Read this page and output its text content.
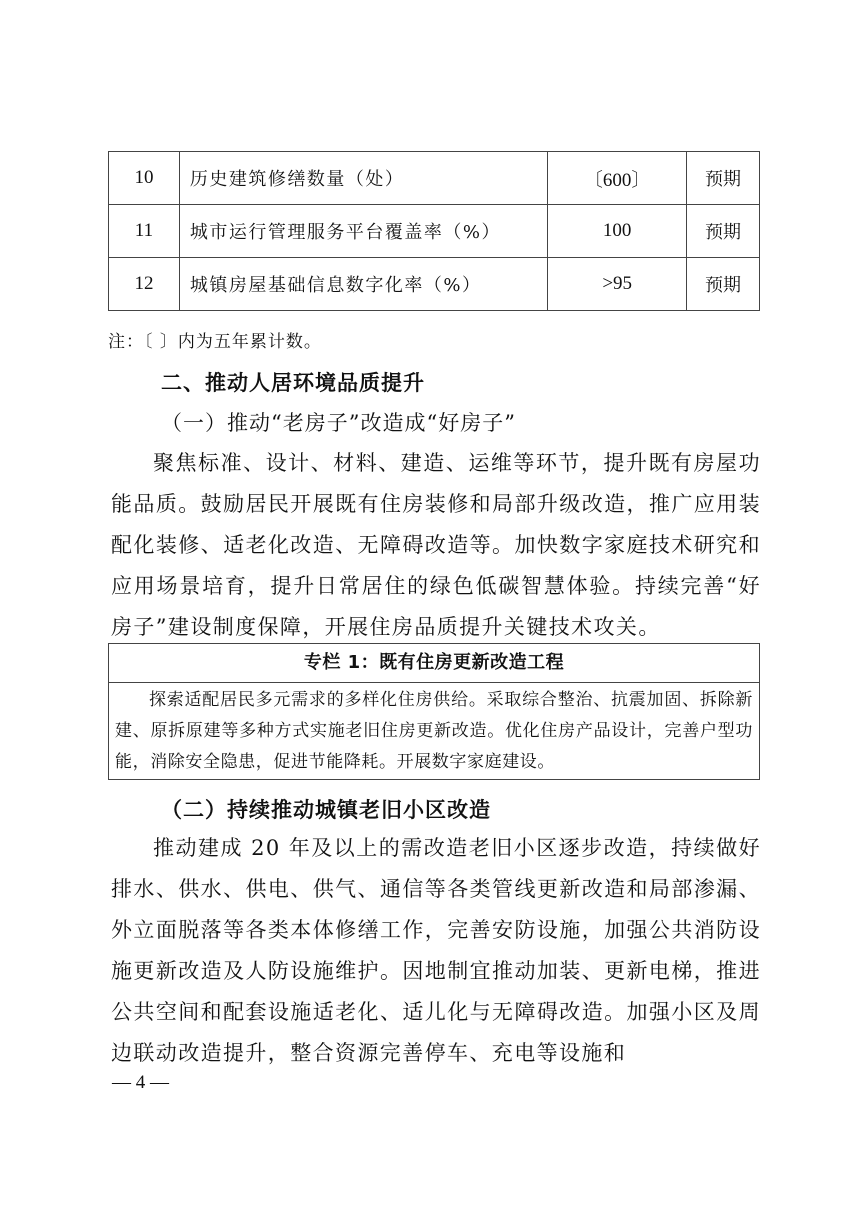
10	历史建筑修缮数量（处）	〔600〕	预期
11	城市运行管理服务平台覆盖率（%）	100	预期
12	城镇房屋基础信息数字化率（%）	>95	预期
注：〔 〕内为五年累计数。
二、推动人居环境品质提升
（一）推动“老房子”改造成“好房子”
聚焦标准、设计、材料、建造、运维等环节，提升既有房屋功能品质。鼓励居民开展既有住房装修和局部升级改造，推广应用装配化装修、适老化改造、无障碍改造等。加快数字家庭技术研究和应用场景培育，提升日常居住的绿色低碳智慧体验。持续完善“好房子”建设制度保障，开展住房品质提升关键技术攻关。
专栏 1：既有住房更新改造工程
探索适配居民多元需求的多样化住房供给。采取综合整治、抗震加固、拆除新建、原拆原建等多种方式实施老旧住房更新改造。优化住房产品设计，完善户型功能，消除安全隐患，促进节能降耗。开展数字家庭建设。
（二）持续推动城镇老旧小区改造
推动建成 20 年及以上的需改造老旧小区逐步改造，持续做好排水、供水、供电、供气、通信等各类管线更新改造和局部渗漏、外立面脱落等各类本体修缮工作，完善安防设施，加强公共消防设施更新改造及人防设施维护。因地制宜推动加装、更新电梯，推进公共空间和配套设施适老化、适儿化与无障碍改造。加强小区及周边联动改造提升，整合资源完善停车、充电等设施和
— 4 —
